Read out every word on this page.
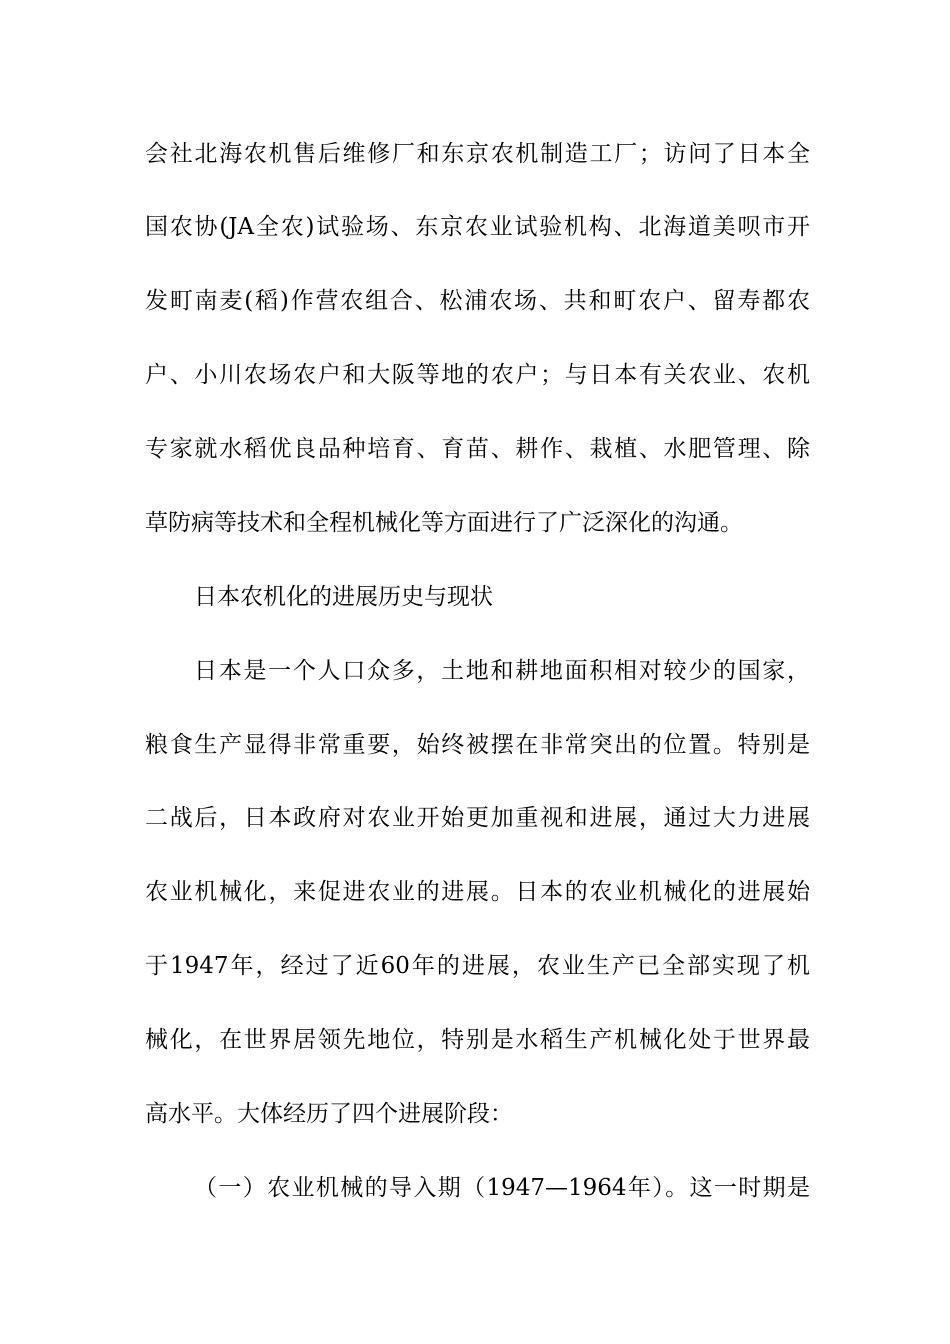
会社北海农机售后维修厂和东京农机制造工厂；访问了日本全
国农协(JA全农)试验场、东京农业试验机构、北海道美呗市开
发町南麦(稻)作营农组合、松浦农场、共和町农户、留寿都农
户、小川农场农户和大阪等地的农户；与日本有关农业、农机
专家就水稻优良品种培育、育苗、耕作、栽植、水肥管理、除
草防病等技术和全程机械化等方面进行了广泛深化的沟通。
日本农机化的进展历史与现状
日本是一个人口众多，土地和耕地面积相对较少的国家，
粮食生产显得非常重要，始终被摆在非常突出的位置。特别是
二战后，日本政府对农业开始更加重视和进展，通过大力进展
农业机械化，来促进农业的进展。日本的农业机械化的进展始
于1947年，经过了近60年的进展，农业生产已全部实现了机
械化，在世界居领先地位，特别是水稻生产机械化处于世界最
高水平。大体经历了四个进展阶段：
（一）农业机械的导入期（1947—1964年）。这一时期是
